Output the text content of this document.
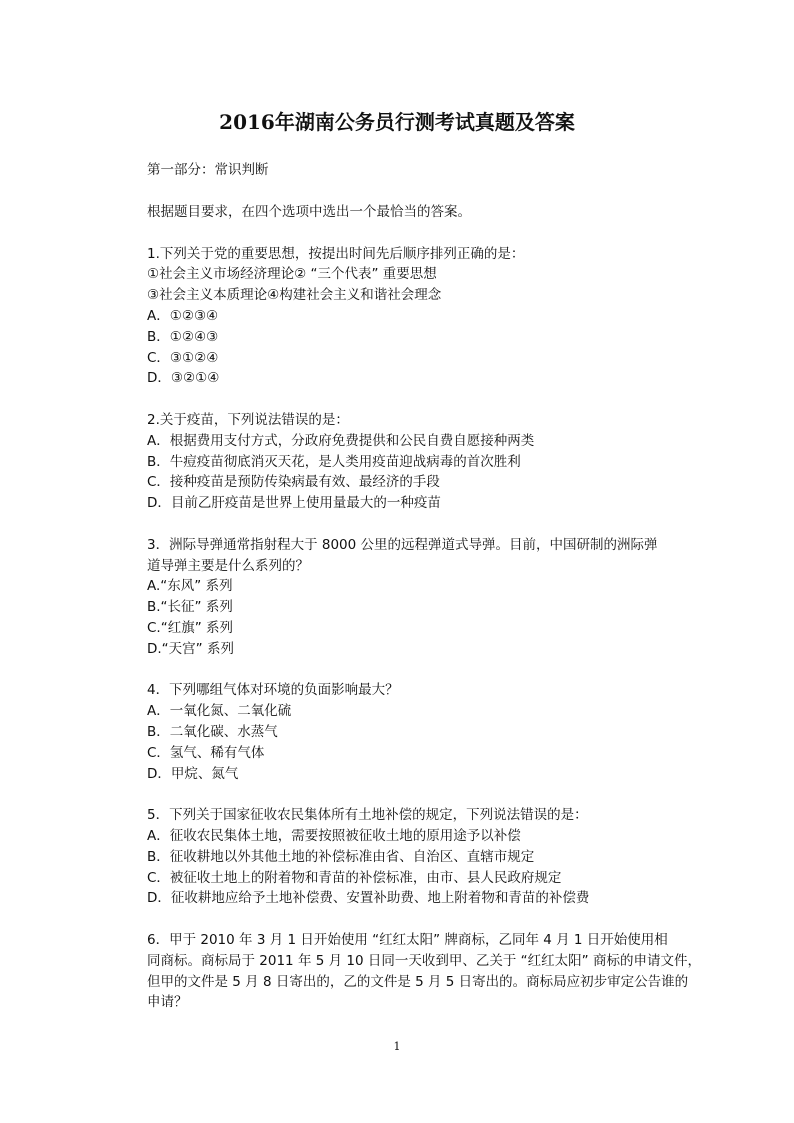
2016年湖南公务员行测考试真题及答案
第一部分：常识判断
根据题目要求，在四个选项中选出一个最恰当的答案。
1.下列关于党的重要思想，按提出时间先后顺序排列正确的是：
①社会主义市场经济理论② “三个代表” 重要思想
③社会主义本质理论④构建社会主义和谐社会理念
A．①②③④
B．①②④③
C．③①②④
D．③②①④
2.关于疫苗，下列说法错误的是：
A．根据费用支付方式，分政府免费提供和公民自费自愿接种两类
B．牛痘疫苗彻底消灭天花，是人类用疫苗迎战病毒的首次胜利
C．接种疫苗是预防传染病最有效、最经济的手段
D．目前乙肝疫苗是世界上使用量最大的一种疫苗
3．洲际导弹通常指射程大于 8000 公里的远程弹道式导弹。目前，中国研制的洲际弹
道导弹主要是什么系列的？
A.“东风” 系列
B.“长征” 系列
C.“红旗” 系列
D.“天宫” 系列
4．下列哪组气体对环境的负面影响最大？
A．一氧化氮、二氧化硫
B．二氧化碳、水蒸气
C．氢气、稀有气体
D．甲烷、氮气
5．下列关于国家征收农民集体所有土地补偿的规定，下列说法错误的是：
A．征收农民集体土地，需要按照被征收土地的原用途予以补偿
B．征收耕地以外其他土地的补偿标准由省、自治区、直辖市规定
C．被征收土地上的附着物和青苗的补偿标准，由市、县人民政府规定
D．征收耕地应给予土地补偿费、安置补助费、地上附着物和青苗的补偿费
6．甲于 2010 年 3 月 1 日开始使用 “红红太阳” 牌商标，乙同年 4 月 1 日开始使用相
同商标。商标局于 2011 年 5 月 10 日同一天收到甲、乙关于 “红红太阳” 商标的申请文件，
但甲的文件是 5 月 8 日寄出的，乙的文件是 5 月 5 日寄出的。商标局应初步审定公告谁的
申请？
1
